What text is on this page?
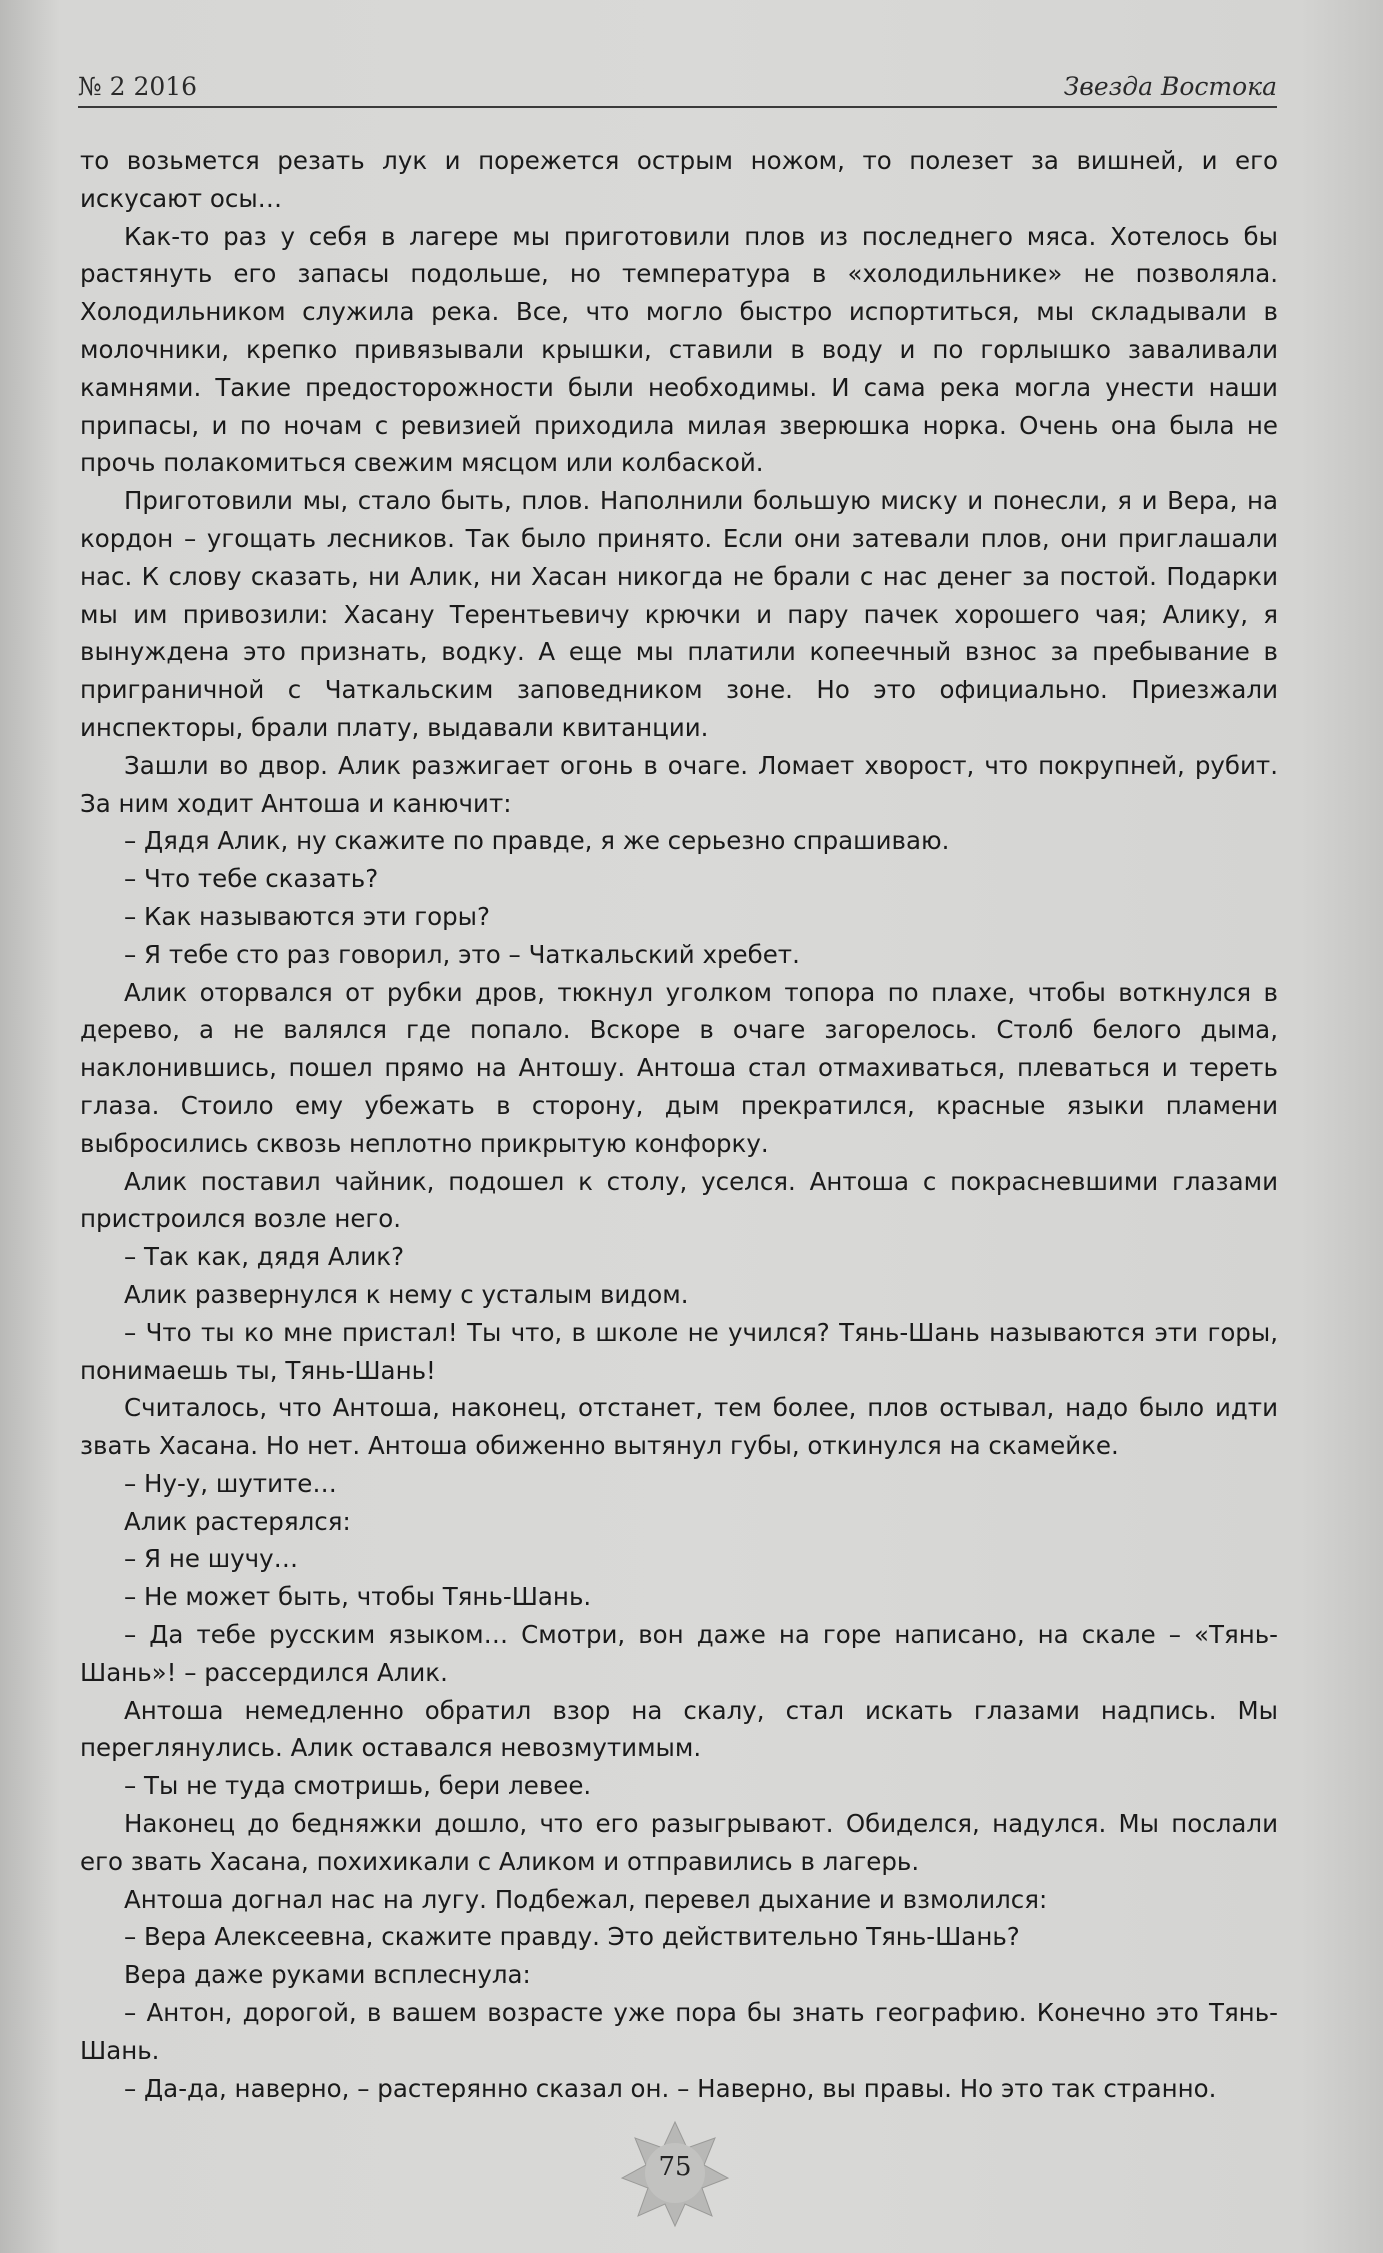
№ 2 2016	Звезда Востока

то возьмется резать лук и порежется острым ножом, то полезет за вишней, и его искусают осы…

Как-то раз у себя в лагере мы приготовили плов из последнего мяса. Хотелось бы растянуть его запасы подольше, но температура в «холодильнике» не позволяла. Холодильником служила река. Все, что могло быстро испортиться, мы складывали в молочники, крепко привязывали крышки, ставили в воду и по горлышко заваливали камнями. Такие предосторожности были необходимы. И сама река могла унести наши припасы, и по ночам с ревизией приходила милая зверюшка норка. Очень она была не прочь полакомиться свежим мясцом или колбаской.

Приготовили мы, стало быть, плов. Наполнили большую миску и понесли, я и Вера, на кордон – угощать лесников. Так было принято. Если они затевали плов, они приглашали нас. К слову сказать, ни Алик, ни Хасан никогда не брали с нас денег за постой. Подарки мы им привозили: Хасану Терентьевичу крючки и пару пачек хорошего чая; Алику, я вынуждена это признать, водку. А еще мы платили копеечный взнос за пребывание в приграничной с Чаткальским заповедником зоне. Но это официально. Приезжали инспекторы, брали плату, выдавали квитанции.

Зашли во двор. Алик разжигает огонь в очаге. Ломает хворост, что покрупней, рубит. За ним ходит Антоша и канючит:

– Дядя Алик, ну скажите по правде, я же серьезно спрашиваю.

– Что тебе сказать?

– Как называются эти горы?

– Я тебе сто раз говорил, это – Чаткальский хребет.

Алик оторвался от рубки дров, тюкнул уголком топора по плахе, чтобы воткнулся в дерево, а не валялся где попало. Вскоре в очаге загорелось. Столб белого дыма, наклонившись, пошел прямо на Антошу. Антоша стал отмахиваться, плеваться и тереть глаза. Стоило ему убежать в сторону, дым прекратился, красные языки пламени выбросились сквозь неплотно прикрытую конфорку.

Алик поставил чайник, подошел к столу, уселся. Антоша с покрасневшими глазами пристроился возле него.

– Так как, дядя Алик?

Алик развернулся к нему с усталым видом.

– Что ты ко мне пристал! Ты что, в школе не учился? Тянь-Шань называются эти горы, понимаешь ты, Тянь-Шань!

Считалось, что Антоша, наконец, отстанет, тем более, плов остывал, надо было идти звать Хасана. Но нет. Антоша обиженно вытянул губы, откинулся на скамейке.

– Ну-у, шутите…

Алик растерялся:

– Я не шучу…

– Не может быть, чтобы Тянь-Шань.

– Да тебе русским языком… Смотри, вон даже на горе написано, на скале – «Тянь-Шань»! – рассердился Алик.

Антоша немедленно обратил взор на скалу, стал искать глазами надпись. Мы переглянулись. Алик оставался невозмутимым.

– Ты не туда смотришь, бери левее.

Наконец до бедняжки дошло, что его разыгрывают. Обиделся, надулся. Мы послали его звать Хасана, похихикали с Аликом и отправились в лагерь.

Антоша догнал нас на лугу. Подбежал, перевел дыхание и взмолился:

– Вера Алексеевна, скажите правду. Это действительно Тянь-Шань?

Вера даже руками всплеснула:

– Антон, дорогой, в вашем возрасте уже пора бы знать географию. Конечно это Тянь-Шань.

– Да-да, наверно, – растерянно сказал он. – Наверно, вы правы. Но это так странно.

75
